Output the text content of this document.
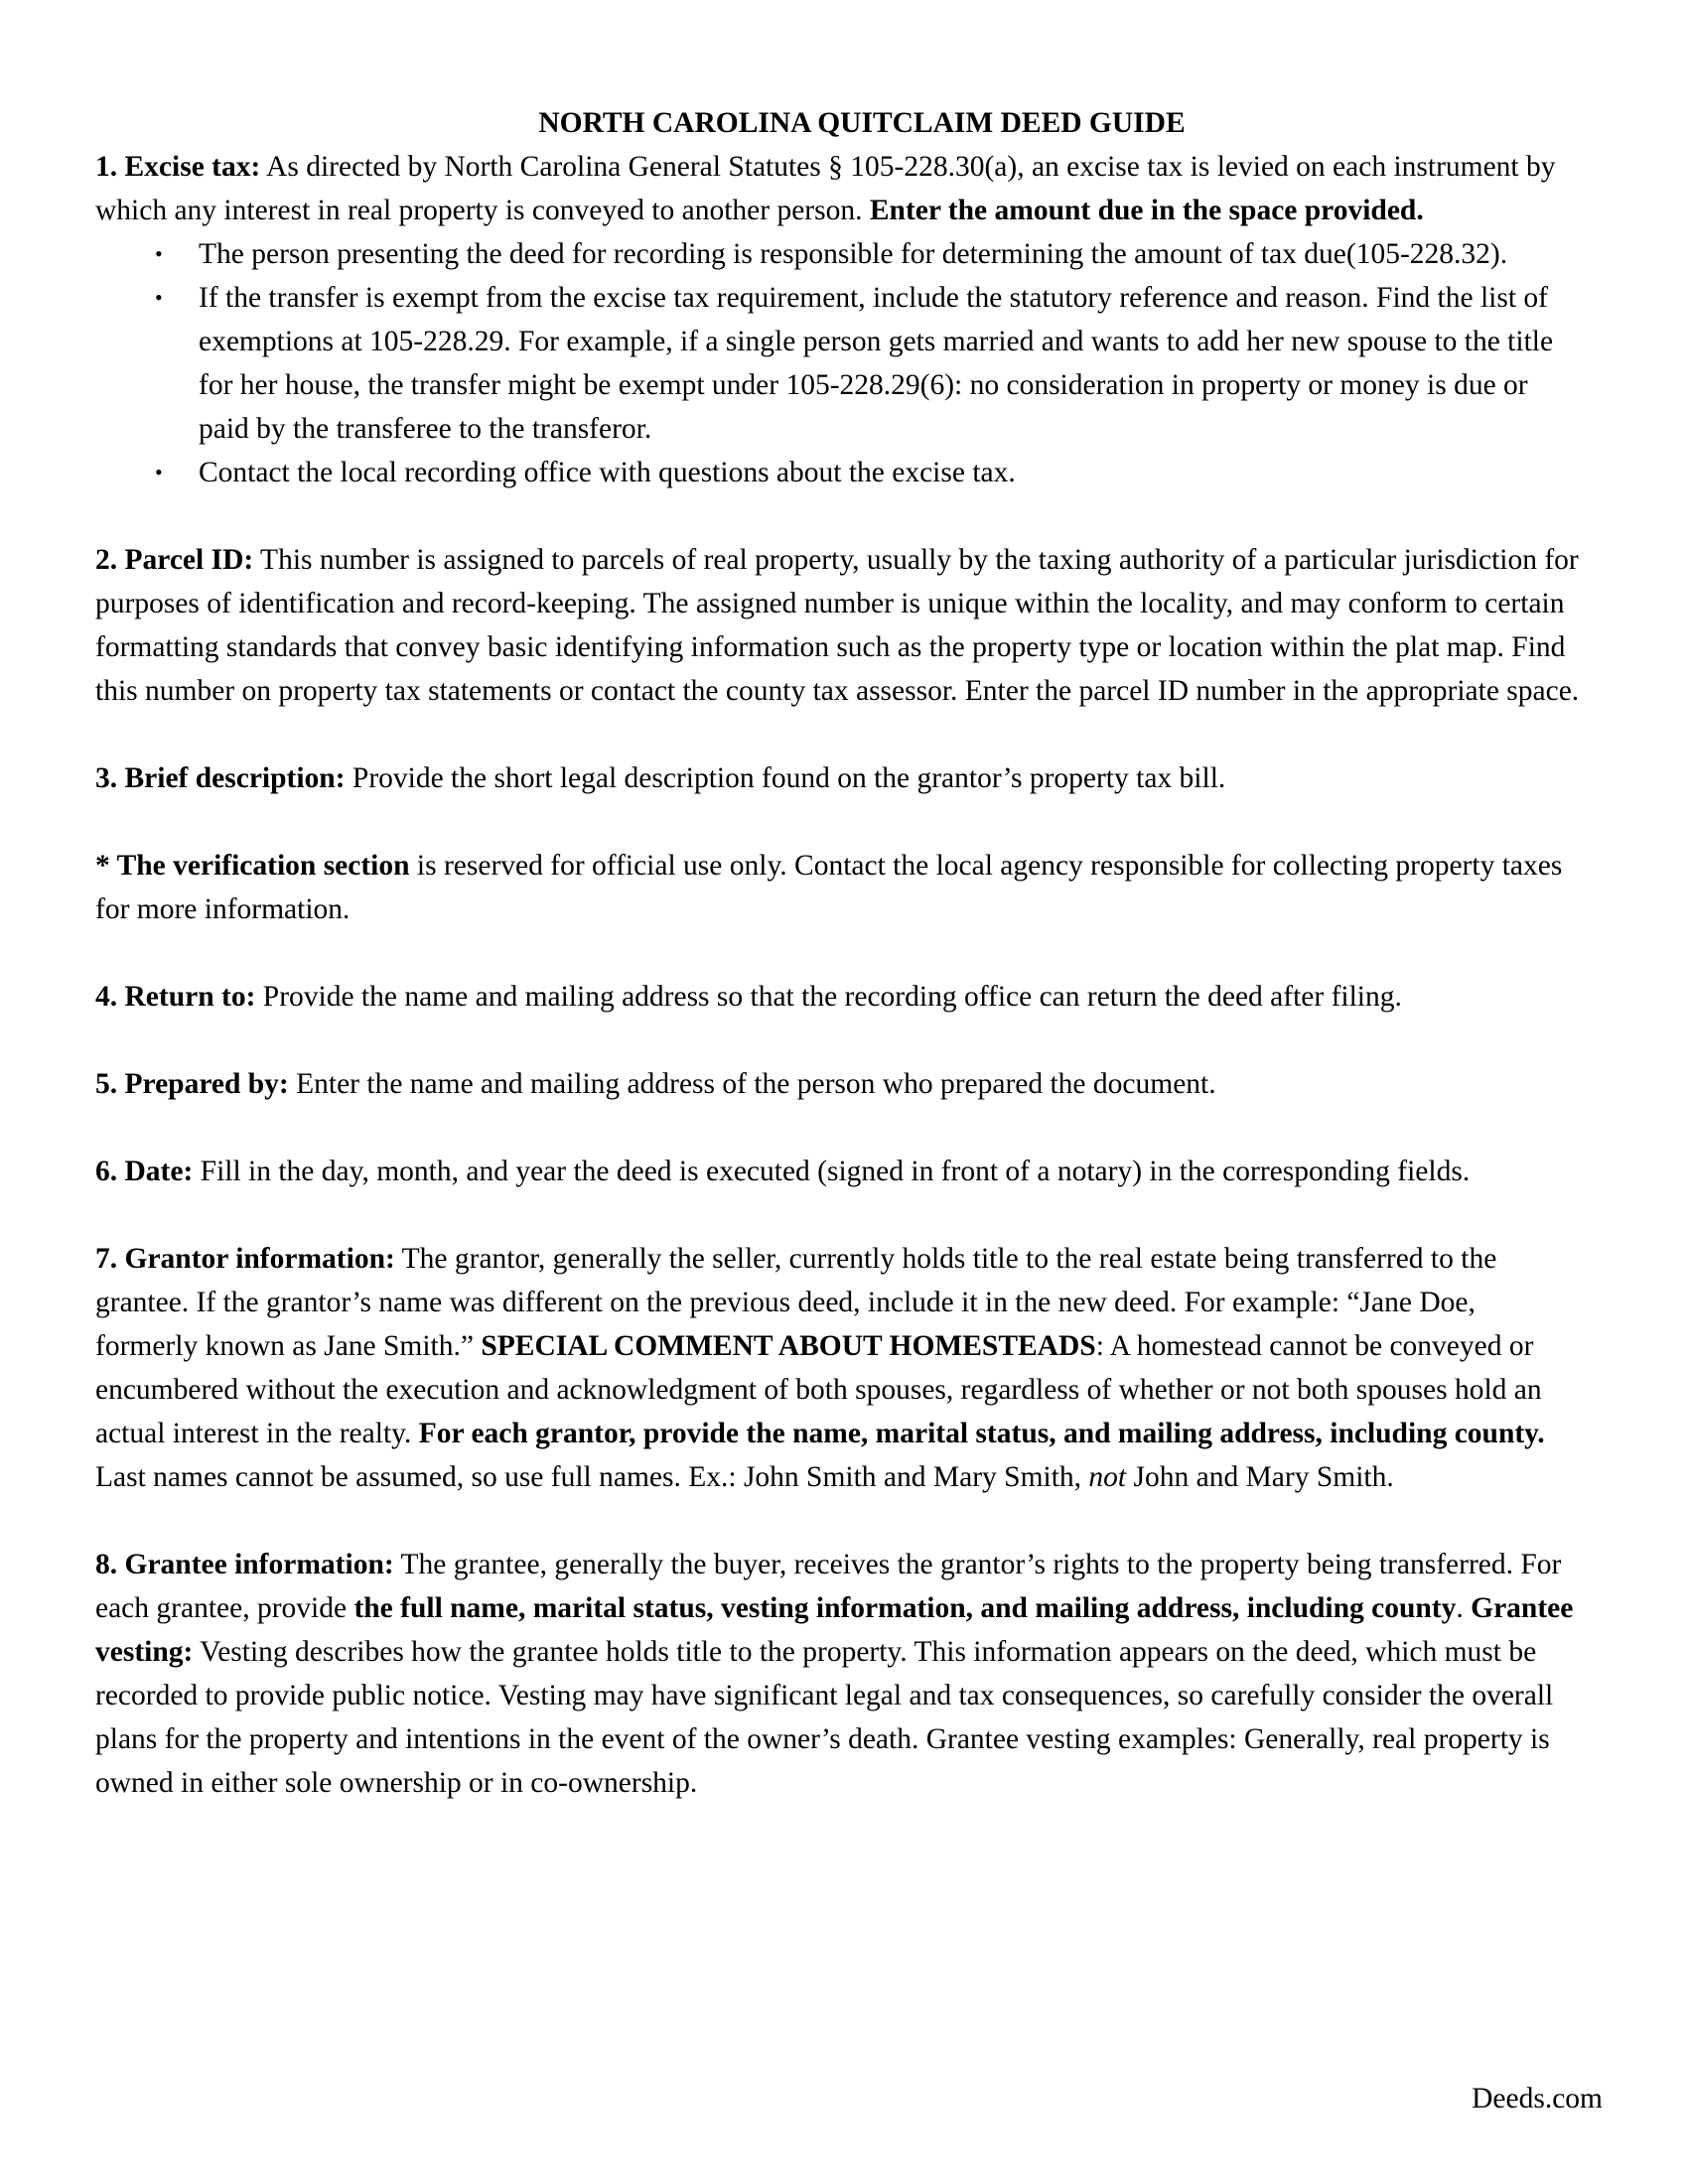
NORTH CAROLINA QUITCLAIM DEED GUIDE

1. Excise tax: As directed by North Carolina General Statutes § 105-228.30(a), an excise tax is levied on each instrument by which any interest in real property is conveyed to another person. Enter the amount due in the space provided.

• The person presenting the deed for recording is responsible for determining the amount of tax due(105-228.32).
• If the transfer is exempt from the excise tax requirement, include the statutory reference and reason. Find the list of exemptions at 105-228.29. For example, if a single person gets married and wants to add her new spouse to the title for her house, the transfer might be exempt under 105-228.29(6): no consideration in property or money is due or paid by the transferee to the transferor.
• Contact the local recording office with questions about the excise tax.

2. Parcel ID: This number is assigned to parcels of real property, usually by the taxing authority of a particular jurisdiction for purposes of identification and record-keeping. The assigned number is unique within the locality, and may conform to certain formatting standards that convey basic identifying information such as the property type or location within the plat map. Find this number on property tax statements or contact the county tax assessor. Enter the parcel ID number in the appropriate space.

3. Brief description: Provide the short legal description found on the grantor’s property tax bill.

* The verification section is reserved for official use only. Contact the local agency responsible for collecting property taxes for more information.

4. Return to: Provide the name and mailing address so that the recording office can return the deed after filing.

5. Prepared by: Enter the name and mailing address of the person who prepared the document.

6. Date: Fill in the day, month, and year the deed is executed (signed in front of a notary) in the corresponding fields.

7. Grantor information: The grantor, generally the seller, currently holds title to the real estate being transferred to the grantee. If the grantor’s name was different on the previous deed, include it in the new deed. For example: “Jane Doe, formerly known as Jane Smith.” SPECIAL COMMENT ABOUT HOMESTEADS: A homestead cannot be conveyed or encumbered without the execution and acknowledgment of both spouses, regardless of whether or not both spouses hold an actual interest in the realty. For each grantor, provide the name, marital status, and mailing address, including county. Last names cannot be assumed, so use full names. Ex.: John Smith and Mary Smith, not John and Mary Smith.

8. Grantee information: The grantee, generally the buyer, receives the grantor’s rights to the property being transferred. For each grantee, provide the full name, marital status, vesting information, and mailing address, including county. Grantee vesting: Vesting describes how the grantee holds title to the property. This information appears on the deed, which must be recorded to provide public notice. Vesting may have significant legal and tax consequences, so carefully consider the overall plans for the property and intentions in the event of the owner’s death. Grantee vesting examples: Generally, real property is owned in either sole ownership or in co-ownership.

Deeds.com
